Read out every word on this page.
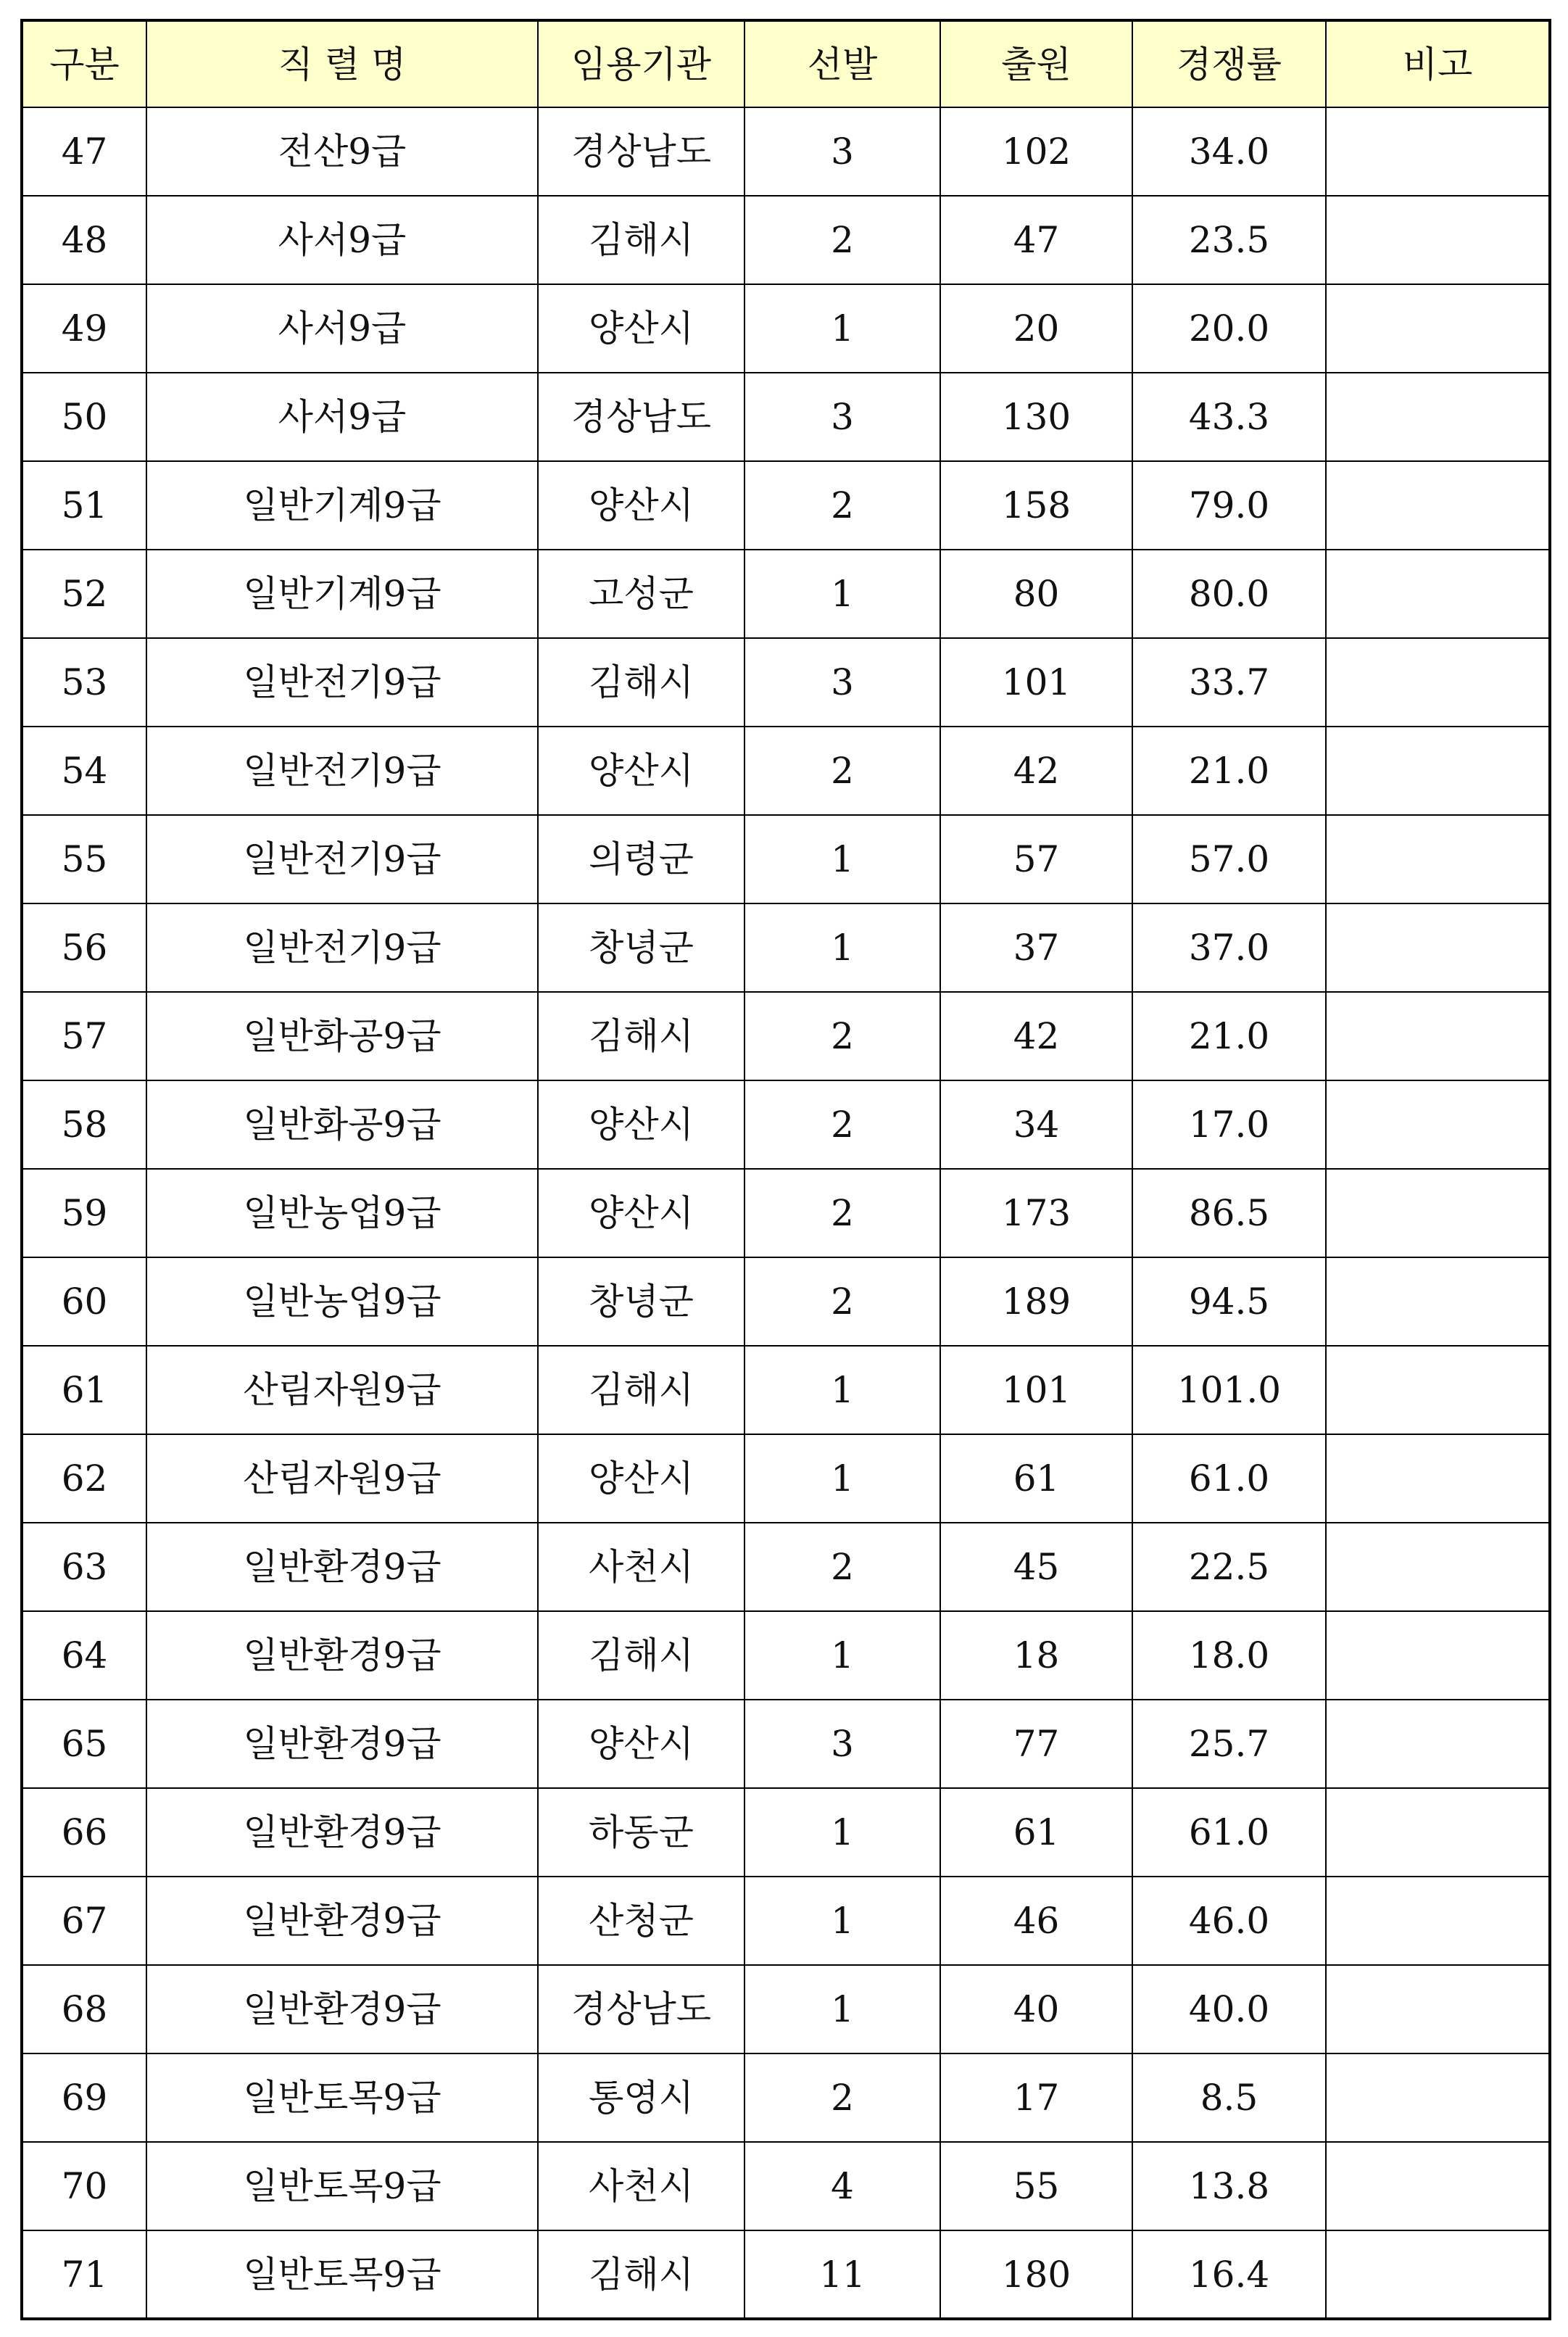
구분	직 렬 명	임용기관	선발	출원	경쟁률	비고
47	전산9급	경상남도	3	102	34.0	
48	사서9급	김해시	2	47	23.5	
49	사서9급	양산시	1	20	20.0	
50	사서9급	경상남도	3	130	43.3	
51	일반기계9급	양산시	2	158	79.0	
52	일반기계9급	고성군	1	80	80.0	
53	일반전기9급	김해시	3	101	33.7	
54	일반전기9급	양산시	2	42	21.0	
55	일반전기9급	의령군	1	57	57.0	
56	일반전기9급	창녕군	1	37	37.0	
57	일반화공9급	김해시	2	42	21.0	
58	일반화공9급	양산시	2	34	17.0	
59	일반농업9급	양산시	2	173	86.5	
60	일반농업9급	창녕군	2	189	94.5	
61	산림자원9급	김해시	1	101	101.0	
62	산림자원9급	양산시	1	61	61.0	
63	일반환경9급	사천시	2	45	22.5	
64	일반환경9급	김해시	1	18	18.0	
65	일반환경9급	양산시	3	77	25.7	
66	일반환경9급	하동군	1	61	61.0	
67	일반환경9급	산청군	1	46	46.0	
68	일반환경9급	경상남도	1	40	40.0	
69	일반토목9급	통영시	2	17	8.5	
70	일반토목9급	사천시	4	55	13.8	
71	일반토목9급	김해시	11	180	16.4	
